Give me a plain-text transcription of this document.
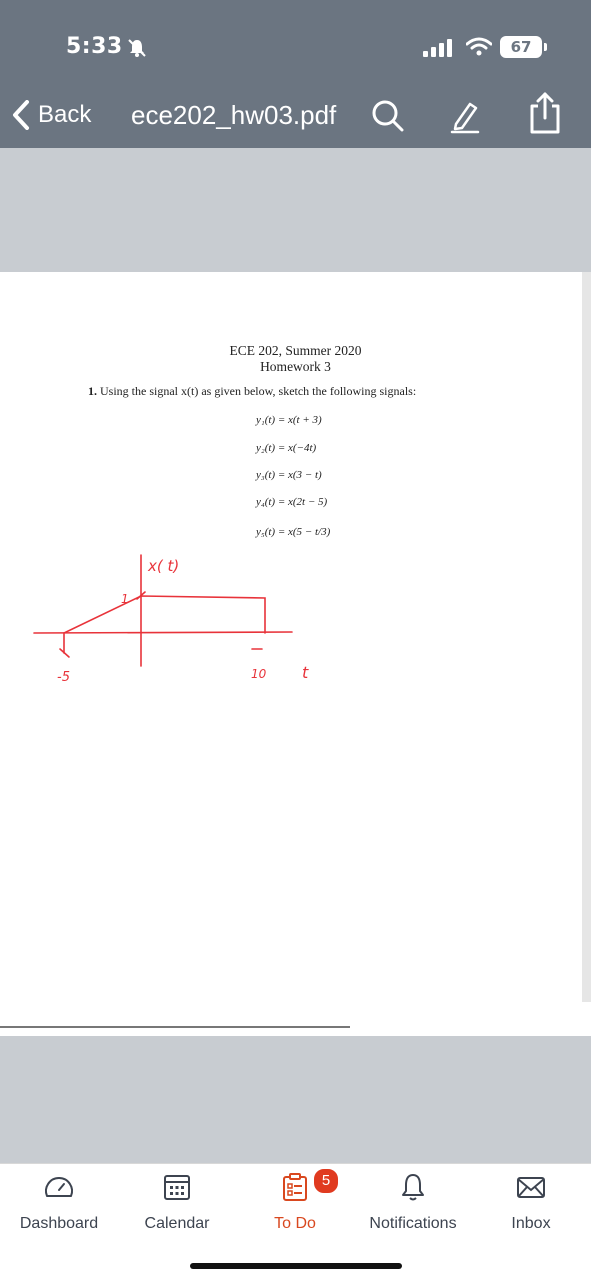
5:33	67
Back ece202_hw03.pdf
ECE 202, Summer 2020
Homework 3
1. Using the signal x(t) as given below, sketch the following signals:
y₁(t) = x(t + 3)
y₂(t) = x(−4t)
y₃(t) = x(3 − t)
y₄(t) = x(2t − 5)
y₅(t) = x(5 − t/3)
x( t)
1
-5	10 t
Dashboard	Calendar	To Do
5
Notifications	Inbox
